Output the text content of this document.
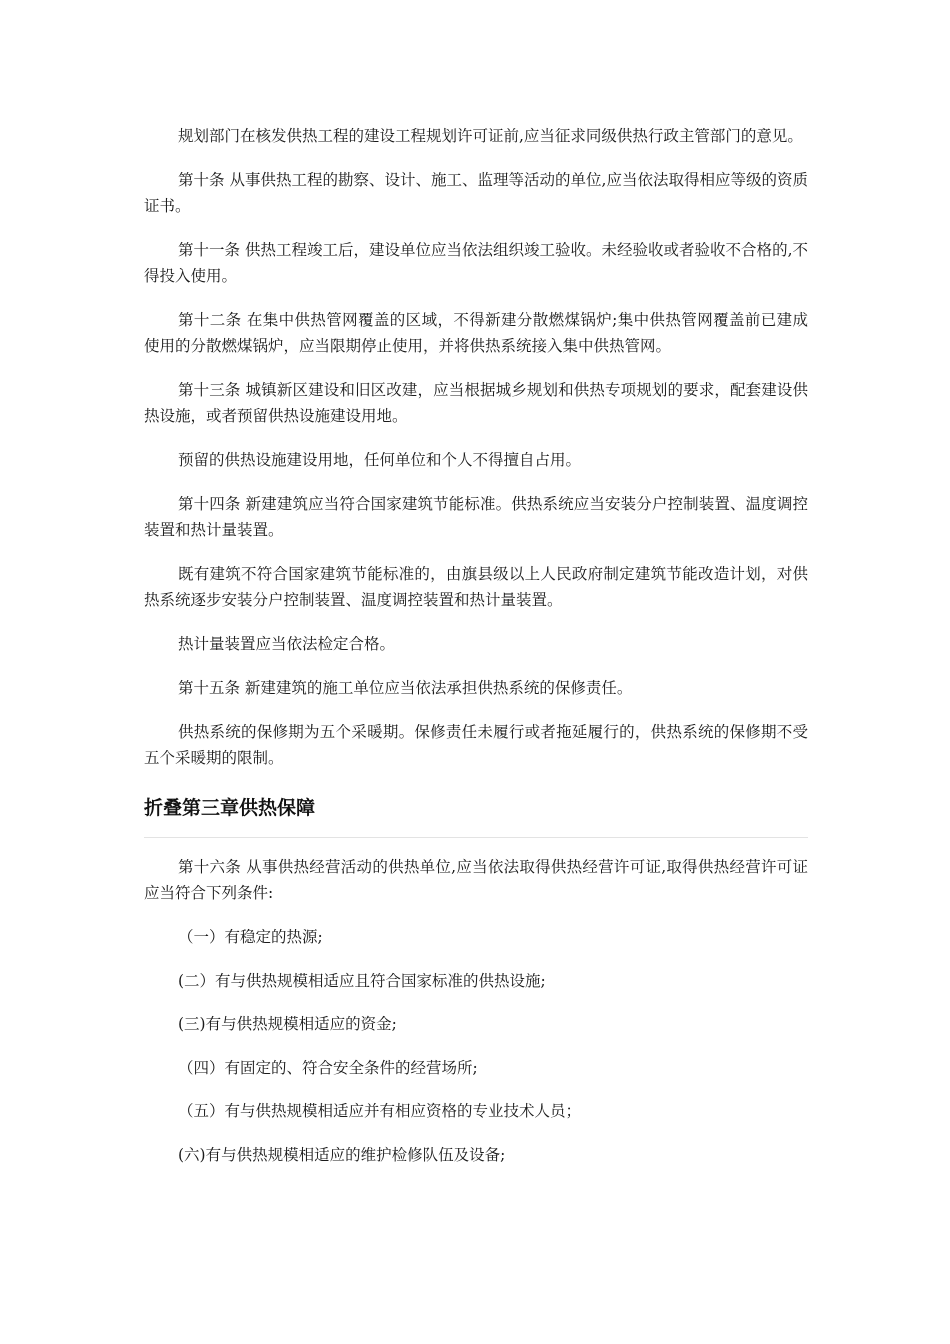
规划部门在核发供热工程的建设工程规划许可证前,应当征求同级供热行政主管部门的意见。

第十条 从事供热工程的勘察、设计、施工、监理等活动的单位,应当依法取得相应等级的资质证书。

第十一条 供热工程竣工后，建设单位应当依法组织竣工验收。未经验收或者验收不合格的,不得投入使用。

第十二条 在集中供热管网覆盖的区域，不得新建分散燃煤锅炉;集中供热管网覆盖前已建成使用的分散燃煤锅炉，应当限期停止使用，并将供热系统接入集中供热管网。

第十三条 城镇新区建设和旧区改建，应当根据城乡规划和供热专项规划的要求，配套建设供热设施，或者预留供热设施建设用地。

预留的供热设施建设用地，任何单位和个人不得擅自占用。

第十四条 新建建筑应当符合国家建筑节能标准。供热系统应当安装分户控制装置、温度调控装置和热计量装置。

既有建筑不符合国家建筑节能标准的，由旗县级以上人民政府制定建筑节能改造计划，对供热系统逐步安装分户控制装置、温度调控装置和热计量装置。

热计量装置应当依法检定合格。

第十五条 新建建筑的施工单位应当依法承担供热系统的保修责任。

供热系统的保修期为五个采暖期。保修责任未履行或者拖延履行的，供热系统的保修期不受五个采暖期的限制。

折叠第三章供热保障

第十六条 从事供热经营活动的供热单位,应当依法取得供热经营许可证,取得供热经营许可证应当符合下列条件:

（一）有稳定的热源;
(二）有与供热规模相适应且符合国家标准的供热设施;
(三)有与供热规模相适应的资金;
（四）有固定的、符合安全条件的经营场所;
（五）有与供热规模相适应并有相应资格的专业技术人员；
(六)有与供热规模相适应的维护检修队伍及设备;
